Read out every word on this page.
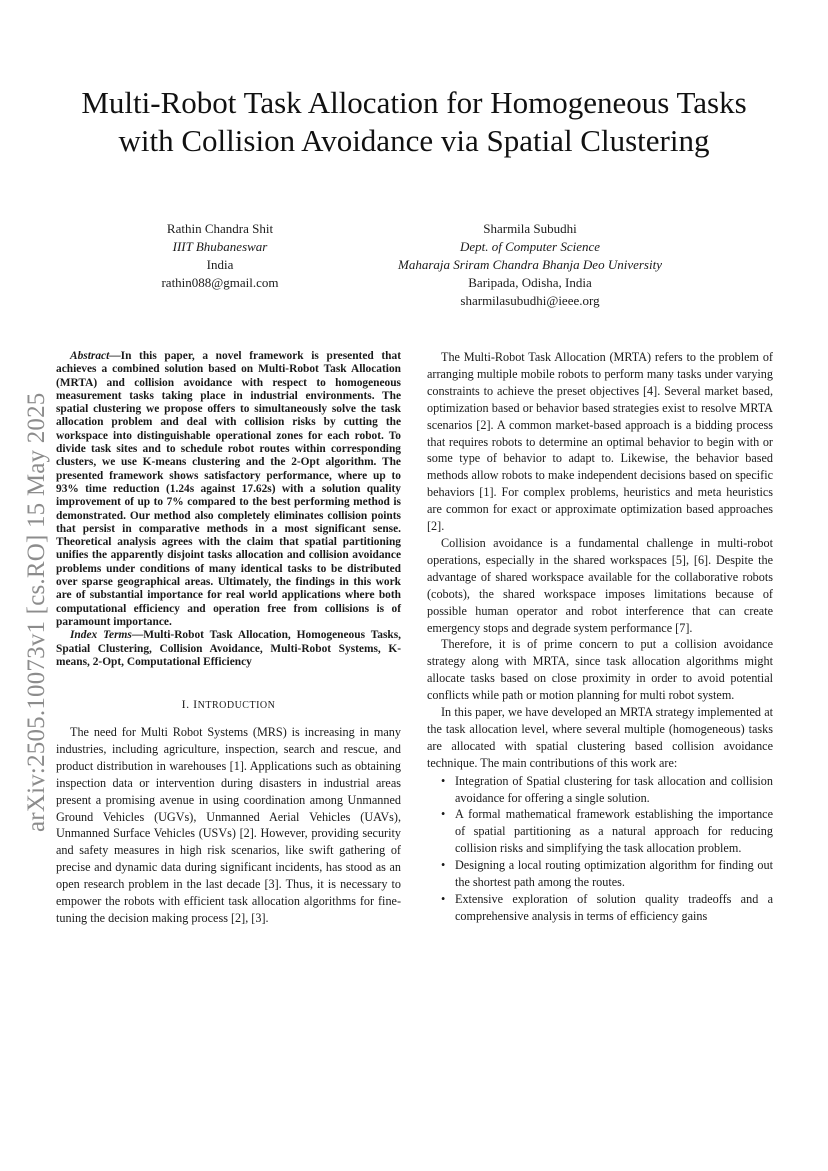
arXiv:2505.10073v1 [cs.RO] 15 May 2025
Multi-Robot Task Allocation for Homogeneous Tasks with Collision Avoidance via Spatial Clustering
Rathin Chandra Shit
IIIT Bhubaneswar
India
rathin088@gmail.com
Sharmila Subudhi
Dept. of Computer Science
Maharaja Sriram Chandra Bhanja Deo University
Baripada, Odisha, India
sharmilasubudhi@ieee.org

Abstract—In this paper, a novel framework is presented that achieves a combined solution based on Multi-Robot Task Allocation (MRTA) and collision avoidance with respect to homogeneous measurement tasks taking place in industrial environments. The spatial clustering we propose offers to simultaneously solve the task allocation problem and deal with collision risks by cutting the workspace into distinguishable operational zones for each robot. To divide task sites and to schedule robot routes within corresponding clusters, we use K-means clustering and the 2-Opt algorithm. The presented framework shows satisfactory performance, where up to 93% time reduction (1.24s against 17.62s) with a solution quality improvement of up to 7% compared to the best performing method is demonstrated. Our method also completely eliminates collision points that persist in comparative methods in a most significant sense. Theoretical analysis agrees with the claim that spatial partitioning unifies the apparently disjoint tasks allocation and collision avoidance problems under conditions of many identical tasks to be distributed over sparse geographical areas. Ultimately, the findings in this work are of substantial importance for real world applications where both computational efficiency and operation free from collisions is of paramount importance.

Index Terms—Multi-Robot Task Allocation, Homogeneous Tasks, Spatial Clustering, Collision Avoidance, Multi-Robot Systems, K-means, 2-Opt, Computational Efficiency

I. INTRODUCTION

The need for Multi Robot Systems (MRS) is increasing in many industries, including agriculture, inspection, search and rescue, and product distribution in warehouses [1]. Applications such as obtaining inspection data or intervention during disasters in industrial areas present a promising avenue in using coordination among Unmanned Ground Vehicles (UGVs), Unmanned Aerial Vehicles (UAVs), Unmanned Surface Vehicles (USVs) [2]. However, providing security and safety measures in high risk scenarios, like swift gathering of precise and dynamic data during significant incidents, has stood as an open research problem in the last decade [3]. Thus, it is necessary to empower the robots with efficient task allocation algorithms for fine-tuning the decision making process [2], [3].

The Multi-Robot Task Allocation (MRTA) refers to the problem of arranging multiple mobile robots to perform many tasks under varying constraints to achieve the preset objectives [4]. Several market based, optimization based or behavior based strategies exist to resolve MRTA scenarios [2]. A common market-based approach is a bidding process that requires robots to determine an optimal behavior to begin with or some type of behavior to adapt to. Likewise, the behavior based methods allow robots to make independent decisions based on specific behaviors [1]. For complex problems, heuristics and meta heuristics are common for exact or approximate optimization based approaches [2].

Collision avoidance is a fundamental challenge in multi-robot operations, especially in the shared workspaces [5], [6]. Despite the advantage of shared workspace available for the collaborative robots (cobots), the shared workspace imposes limitations because of possible human operator and robot interference that can create emergency stops and degrade system performance [7].

Therefore, it is of prime concern to put a collision avoidance strategy along with MRTA, since task allocation algorithms might allocate tasks based on close proximity in order to avoid potential conflicts while path or motion planning for multi robot system.

In this paper, we have developed an MRTA strategy implemented at the task allocation level, where several multiple (homogeneous) tasks are allocated with spatial clustering based collision avoidance technique. The main contributions of this work are:

• Integration of Spatial clustering for task allocation and collision avoidance for offering a single solution.
• A formal mathematical framework establishing the importance of spatial partitioning as a natural approach for reducing collision risks and simplifying the task allocation problem.
• Designing a local routing optimization algorithm for finding out the shortest path among the routes.
• Extensive exploration of solution quality tradeoffs and a comprehensive analysis in terms of efficiency gains
